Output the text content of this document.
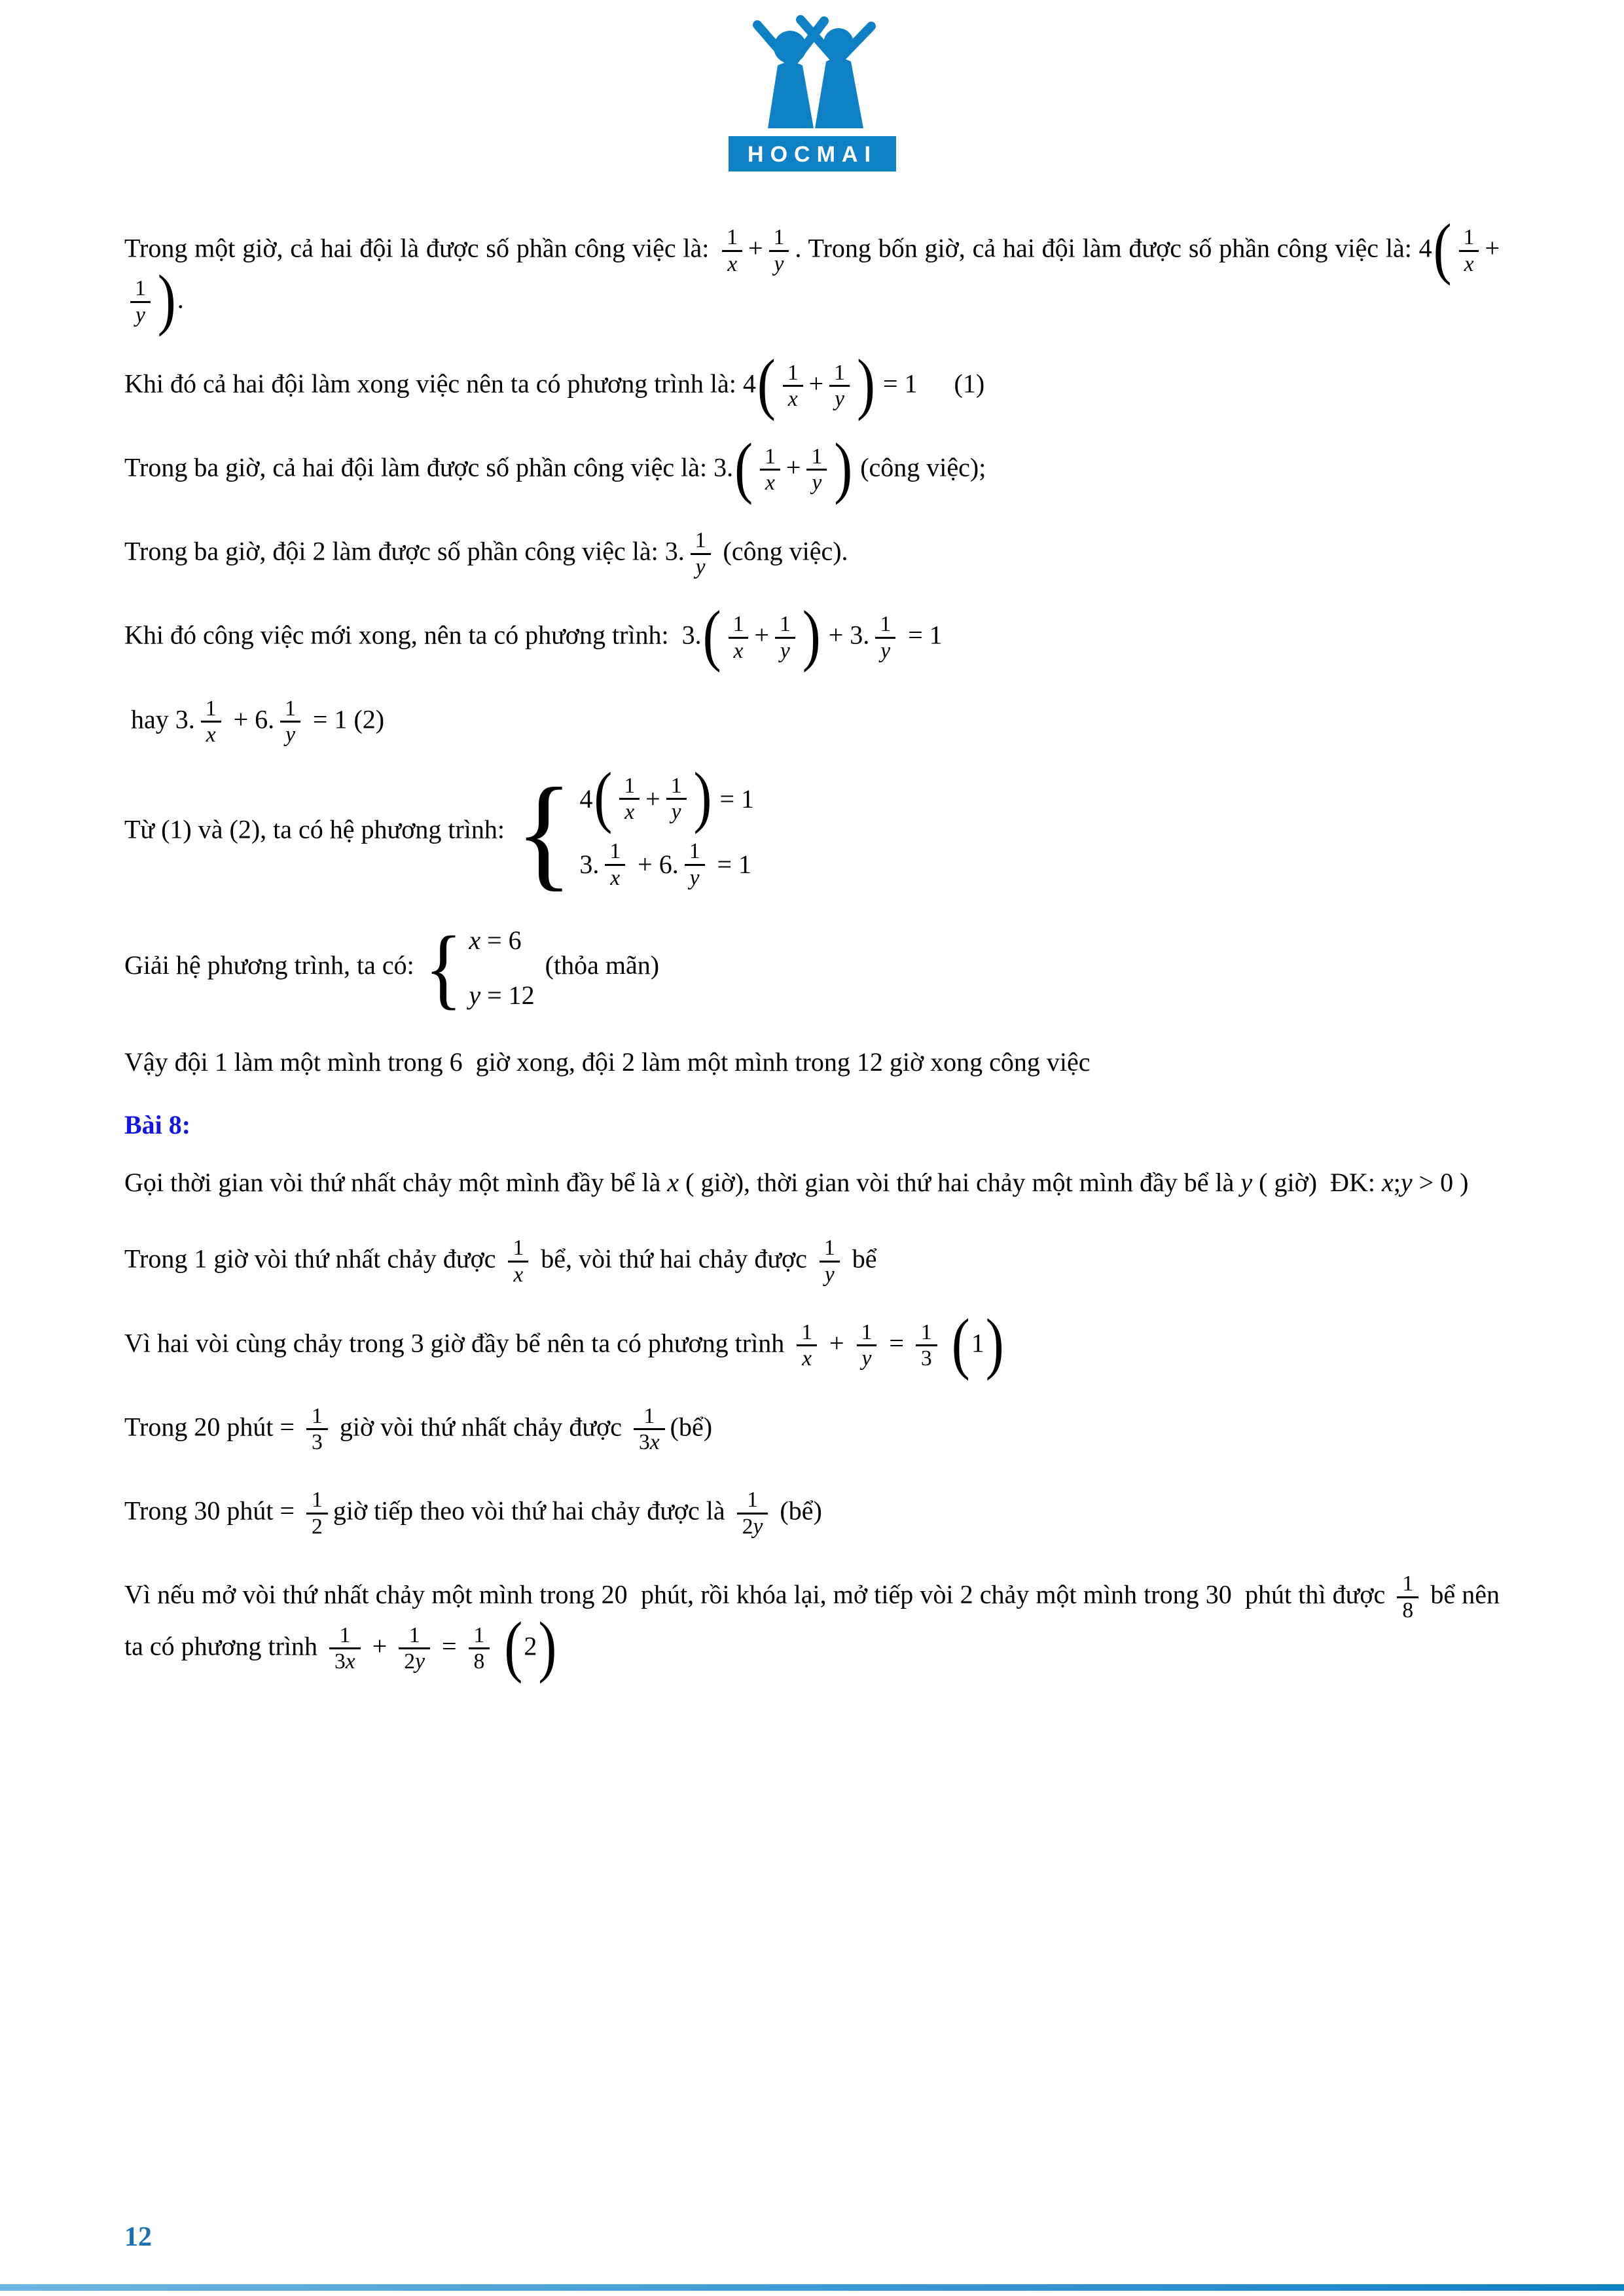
HOCMAI
Trong một giờ, cả hai đội là được số phần công việc là: $\frac{1}{x} + \frac{1}{y}$ . Trong bốn giờ, cả hai đội làm được số phần công việc là: $4( \frac{1}{x}$ +
$\frac{1}{y}$ ).
Khi đó cả hai đội làm xong việc nên ta có phương trình là: $4( \frac{1}{x} + \frac{1}{y}$ ) = 1 (1)
Trong ba giờ, cả hai đội làm được số phần công việc là: $3.( \frac{1}{x} + \frac{1}{y}$ ) (công việc);
Trong ba giờ, đội 2 làm được số phần công việc là: 3. $\frac{1}{y}$ (công việc).
Khi đó công việc mới xong, nên ta có phương trình:  $3.( \frac{1}{x} + \frac{1}{y}$ ) + 3. $\frac{1}{y} = 1$
hay 3. $\frac{1}{x} + 6$. $\frac{1}{y} = 1$ (2)
Từ (1) và (2), ta có hệ phương trình: { 4 ( $\frac{1}{x} + \frac{1}{y}$ ) = 1
3. $\frac{1}{x} + 6$. $\frac{1}{y} = 1$
Giải hệ phương trình, ta có: { x = 6
y = 12
(thỏa mãn)
Vậy đội 1 làm một mình trong 6  giờ xong, đội 2 làm một mình trong 12 giờ xong công việc
Bài 8:
Gọi thời gian vòi thứ nhất chảy một mình đầy bể là x ( giờ), thời gian vòi thứ hai chảy một mình đầy bể là y ( giờ)  ĐK: x;y > 0 )
Trong 1 giờ vòi thứ nhất chảy được $\frac{1}{x}$ bể, vòi thứ hai chảy được $\frac{1}{y}$ bể
Vì hai vòi cùng chảy trong 3 giờ đầy bể nên ta có phương trình $\frac{1}{x} + \frac{1}{y} = \frac{1}{3} (1)$
Trong 20 phút = $\frac{1}{3}$ giờ vòi thứ nhất chảy được $\frac{1}{3x}$ (bể)
Trong 30 phút = $\frac{1}{2}$ giờ tiếp theo vòi thứ hai chảy được là $\frac{1}{2y}$ (bể)
Vì nếu mở vòi thứ nhất chảy một mình trong 20  phút, rồi khóa lại, mở tiếp vòi 2 chảy một mình trong 30  phút thì được $\frac{1}{8}$ bể nên ta có phương trình $\frac{1}{3x} + \frac{1}{2y} = \frac{1}{8} (2)$
12
